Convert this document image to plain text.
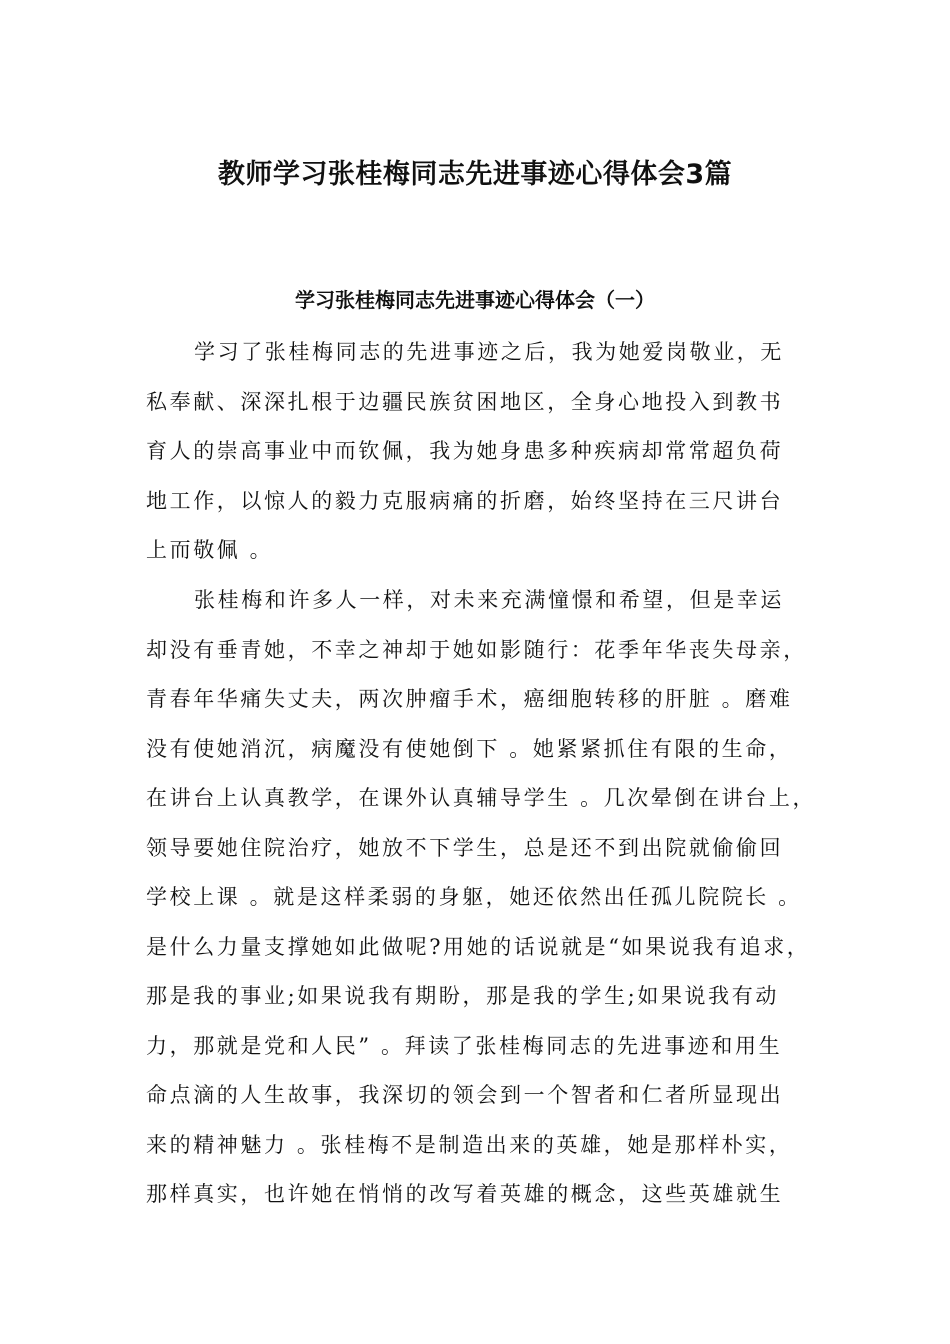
教师学习张桂梅同志先进事迹心得体会3篇
学习张桂梅同志先进事迹心得体会（一）
学习了张桂梅同志的先进事迹之后，我为她爱岗敬业，无
私奉献、深深扎根于边疆民族贫困地区，全身心地投入到教书
育人的崇高事业中而钦佩，我为她身患多种疾病却常常超负荷
地工作，以惊人的毅力克服病痛的折磨，始终坚持在三尺讲台
上而敬佩 。
张桂梅和许多人一样，对未来充满憧憬和希望，但是幸运
却没有垂青她，不幸之神却于她如影随行：花季年华丧失母亲，
青春年华痛失丈夫，两次肿瘤手术，癌细胞转移的肝脏 。磨难
没有使她消沉，病魔没有使她倒下 。她紧紧抓住有限的生命，
在讲台上认真教学，在课外认真辅导学生 。几次晕倒在讲台上，
领导要她住院治疗，她放不下学生，总是还不到出院就偷偷回
学校上课 。就是这样柔弱的身躯，她还依然出任孤儿院院长 。
是什么力量支撑她如此做呢?用她的话说就是“如果说我有追求，
那是我的事业;如果说我有期盼，那是我的学生;如果说我有动
力，那就是党和人民” 。拜读了张桂梅同志的先进事迹和用生
命点滴的人生故事，我深切的领会到一个智者和仁者所显现出
来的精神魅力 。张桂梅不是制造出来的英雄，她是那样朴实，
那样真实，也许她在悄悄的改写着英雄的概念，这些英雄就生
